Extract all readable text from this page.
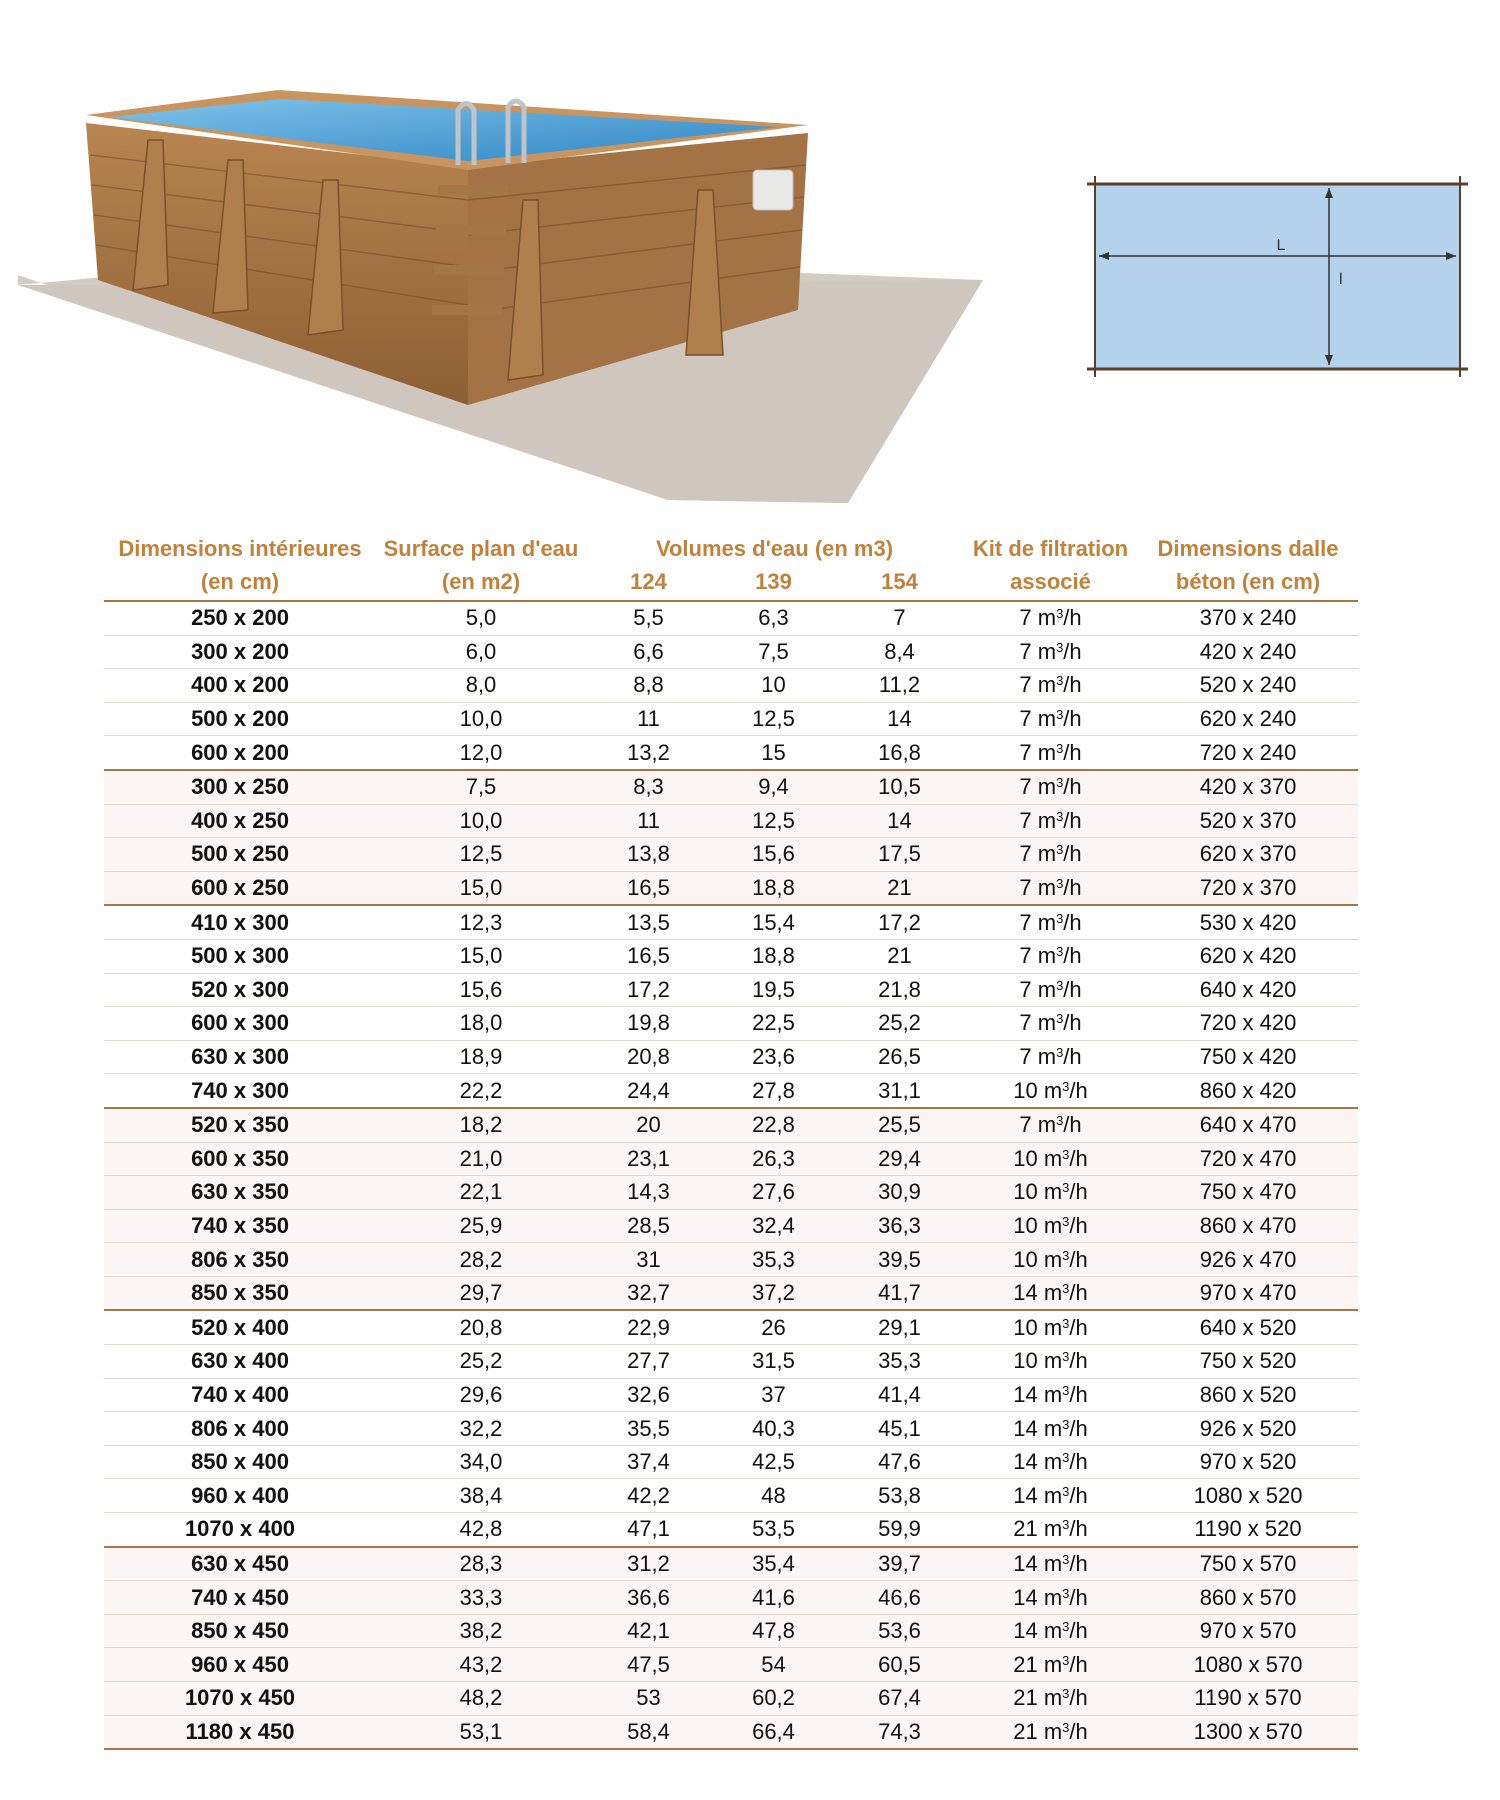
L
l
Dimensions intérieures	Surface plan d'eau	Volumes d'eau (en m3)			Kit de filtration	Dimensions dalle
(en cm)	(en m2)	124	139	154	associé	béton (en cm)
250 x 200	5,0	5,5	6,3	7	7 $m^3/h$	370 x 240
300 x 200	6,0	6,6	7,5	8,4	7 $m^3/h$	420 x 240
400 x 200	8,0	8,8	10	11,2	7 $m^3/h$	520 x 240
500 x 200	10,0	11	12,5	14	7 $m^3/h$	620 x 240
600 x 200	12,0	13,2	15	16,8	7 $m^3/h$	720 x 240
300 x 250	7,5	8,3	9,4	10,5	7 $m^3/h$	420 x 370
400 x 250	10,0	11	12,5	14	7 $m^3/h$	520 x 370
500 x 250	12,5	13,8	15,6	17,5	7 $m^3/h$	620 x 370
600 x 250	15,0	16,5	18,8	21	7 $m^3/h$	720 x 370
410 x 300	12,3	13,5	15,4	17,2	7 $m^3/h$	530 x 420
500 x 300	15,0	16,5	18,8	21	7 $m^3/h$	620 x 420
520 x 300	15,6	17,2	19,5	21,8	7 $m^3/h$	640 x 420
600 x 300	18,0	19,8	22,5	25,2	7 $m^3/h$	720 x 420
630 x 300	18,9	20,8	23,6	26,5	7 $m^3/h$	750 x 420
740 x 300	22,2	24,4	27,8	31,1	10 $m^3/h$	860 x 420
520 x 350	18,2	20	22,8	25,5	7 $m^3/h$	640 x 470
600 x 350	21,0	23,1	26,3	29,4	10 $m^3/h$	720 x 470
630 x 350	22,1	14,3	27,6	30,9	10 $m^3/h$	750 x 470
740 x 350	25,9	28,5	32,4	36,3	10 $m^3/h$	860 x 470
806 x 350	28,2	31	35,3	39,5	10 $m^3/h$	926 x 470
850 x 350	29,7	32,7	37,2	41,7	14 $m^3/h$	970 x 470
520 x 400	20,8	22,9	26	29,1	10 $m^3/h$	640 x 520
630 x 400	25,2	27,7	31,5	35,3	10 $m^3/h$	750 x 520
740 x 400	29,6	32,6	37	41,4	14 $m^3/h$	860 x 520
806 x 400	32,2	35,5	40,3	45,1	14 $m^3/h$	926 x 520
850 x 400	34,0	37,4	42,5	47,6	14 $m^3/h$	970 x 520
960 x 400	38,4	42,2	48	53,8	14 $m^3/h$	1080 x 520
1070 x 400	42,8	47,1	53,5	59,9	21 $m^3/h$	1190 x 520
630 x 450	28,3	31,2	35,4	39,7	14 $m^3/h$	750 x 570
740 x 450	33,3	36,6	41,6	46,6	14 $m^3/h$	860 x 570
850 x 450	38,2	42,1	47,8	53,6	14 $m^3/h$	970 x 570
960 x 450	43,2	47,5	54	60,5	21 $m^3/h$	1080 x 570
1070 x 450	48,2	53	60,2	67,4	21 $m^3/h$	1190 x 570
1180 x 450	53,1	58,4	66,4	74,3	21 $m^3/h$	1300 x 570
